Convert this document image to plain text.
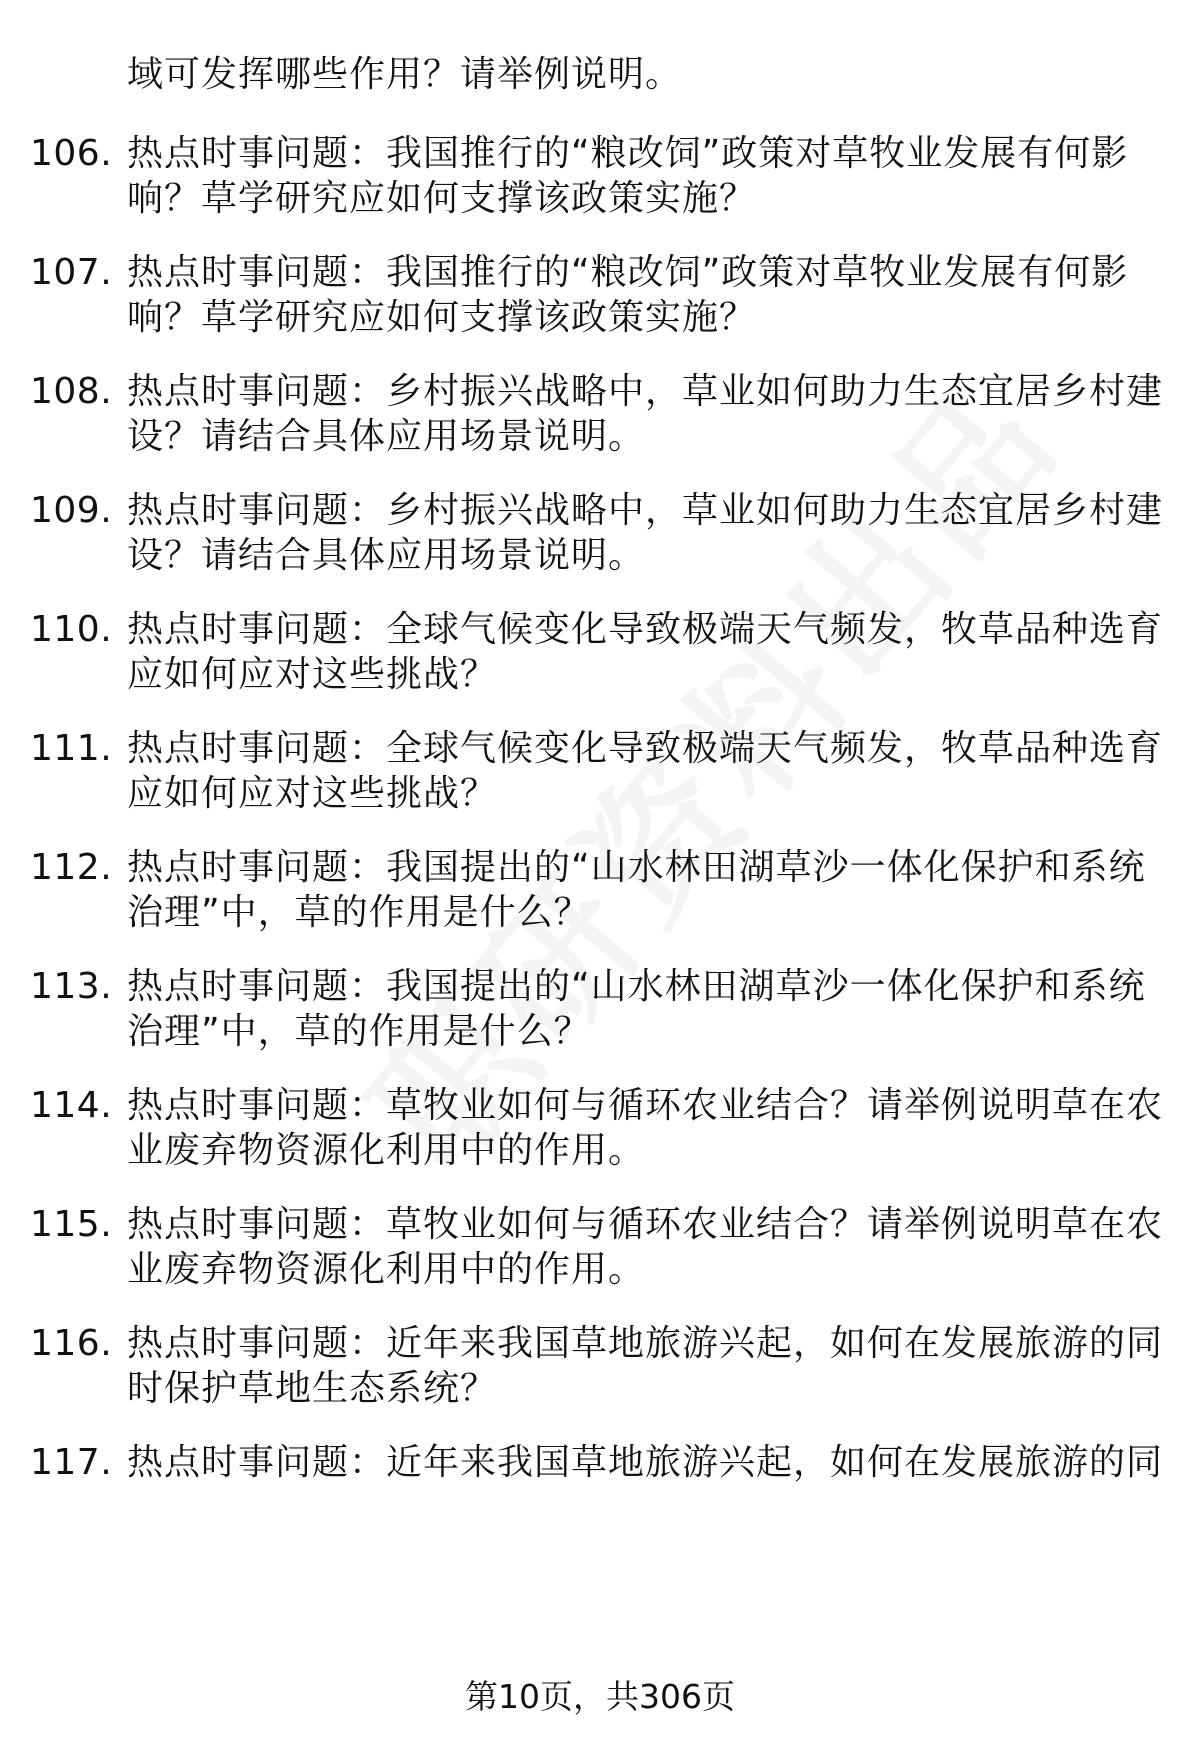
域可发挥哪些作用？请举例说明。
106. 热点时事问题：我国推行的“粮改饲”政策对草牧业发展有何影
响？草学研究应如何支撑该政策实施？
107. 热点时事问题：我国推行的“粮改饲”政策对草牧业发展有何影
响？草学研究应如何支撑该政策实施？
108. 热点时事问题：乡村振兴战略中，草业如何助力生态宜居乡村建
设？请结合具体应用场景说明。
109. 热点时事问题：乡村振兴战略中，草业如何助力生态宜居乡村建
设？请结合具体应用场景说明。
110. 热点时事问题：全球气候变化导致极端天气频发，牧草品种选育
应如何应对这些挑战？
111. 热点时事问题：全球气候变化导致极端天气频发，牧草品种选育
应如何应对这些挑战？
112. 热点时事问题：我国提出的“山水林田湖草沙一体化保护和系统
治理”中，草的作用是什么？
113. 热点时事问题：我国提出的“山水林田湖草沙一体化保护和系统
治理”中，草的作用是什么？
114. 热点时事问题：草牧业如何与循环农业结合？请举例说明草在农
业废弃物资源化利用中的作用。
115. 热点时事问题：草牧业如何与循环农业结合？请举例说明草在农
业废弃物资源化利用中的作用。
116. 热点时事问题：近年来我国草地旅游兴起，如何在发展旅游的同
时保护草地生态系统？
117. 热点时事问题：近年来我国草地旅游兴起，如何在发展旅游的同
第10页，共306页
